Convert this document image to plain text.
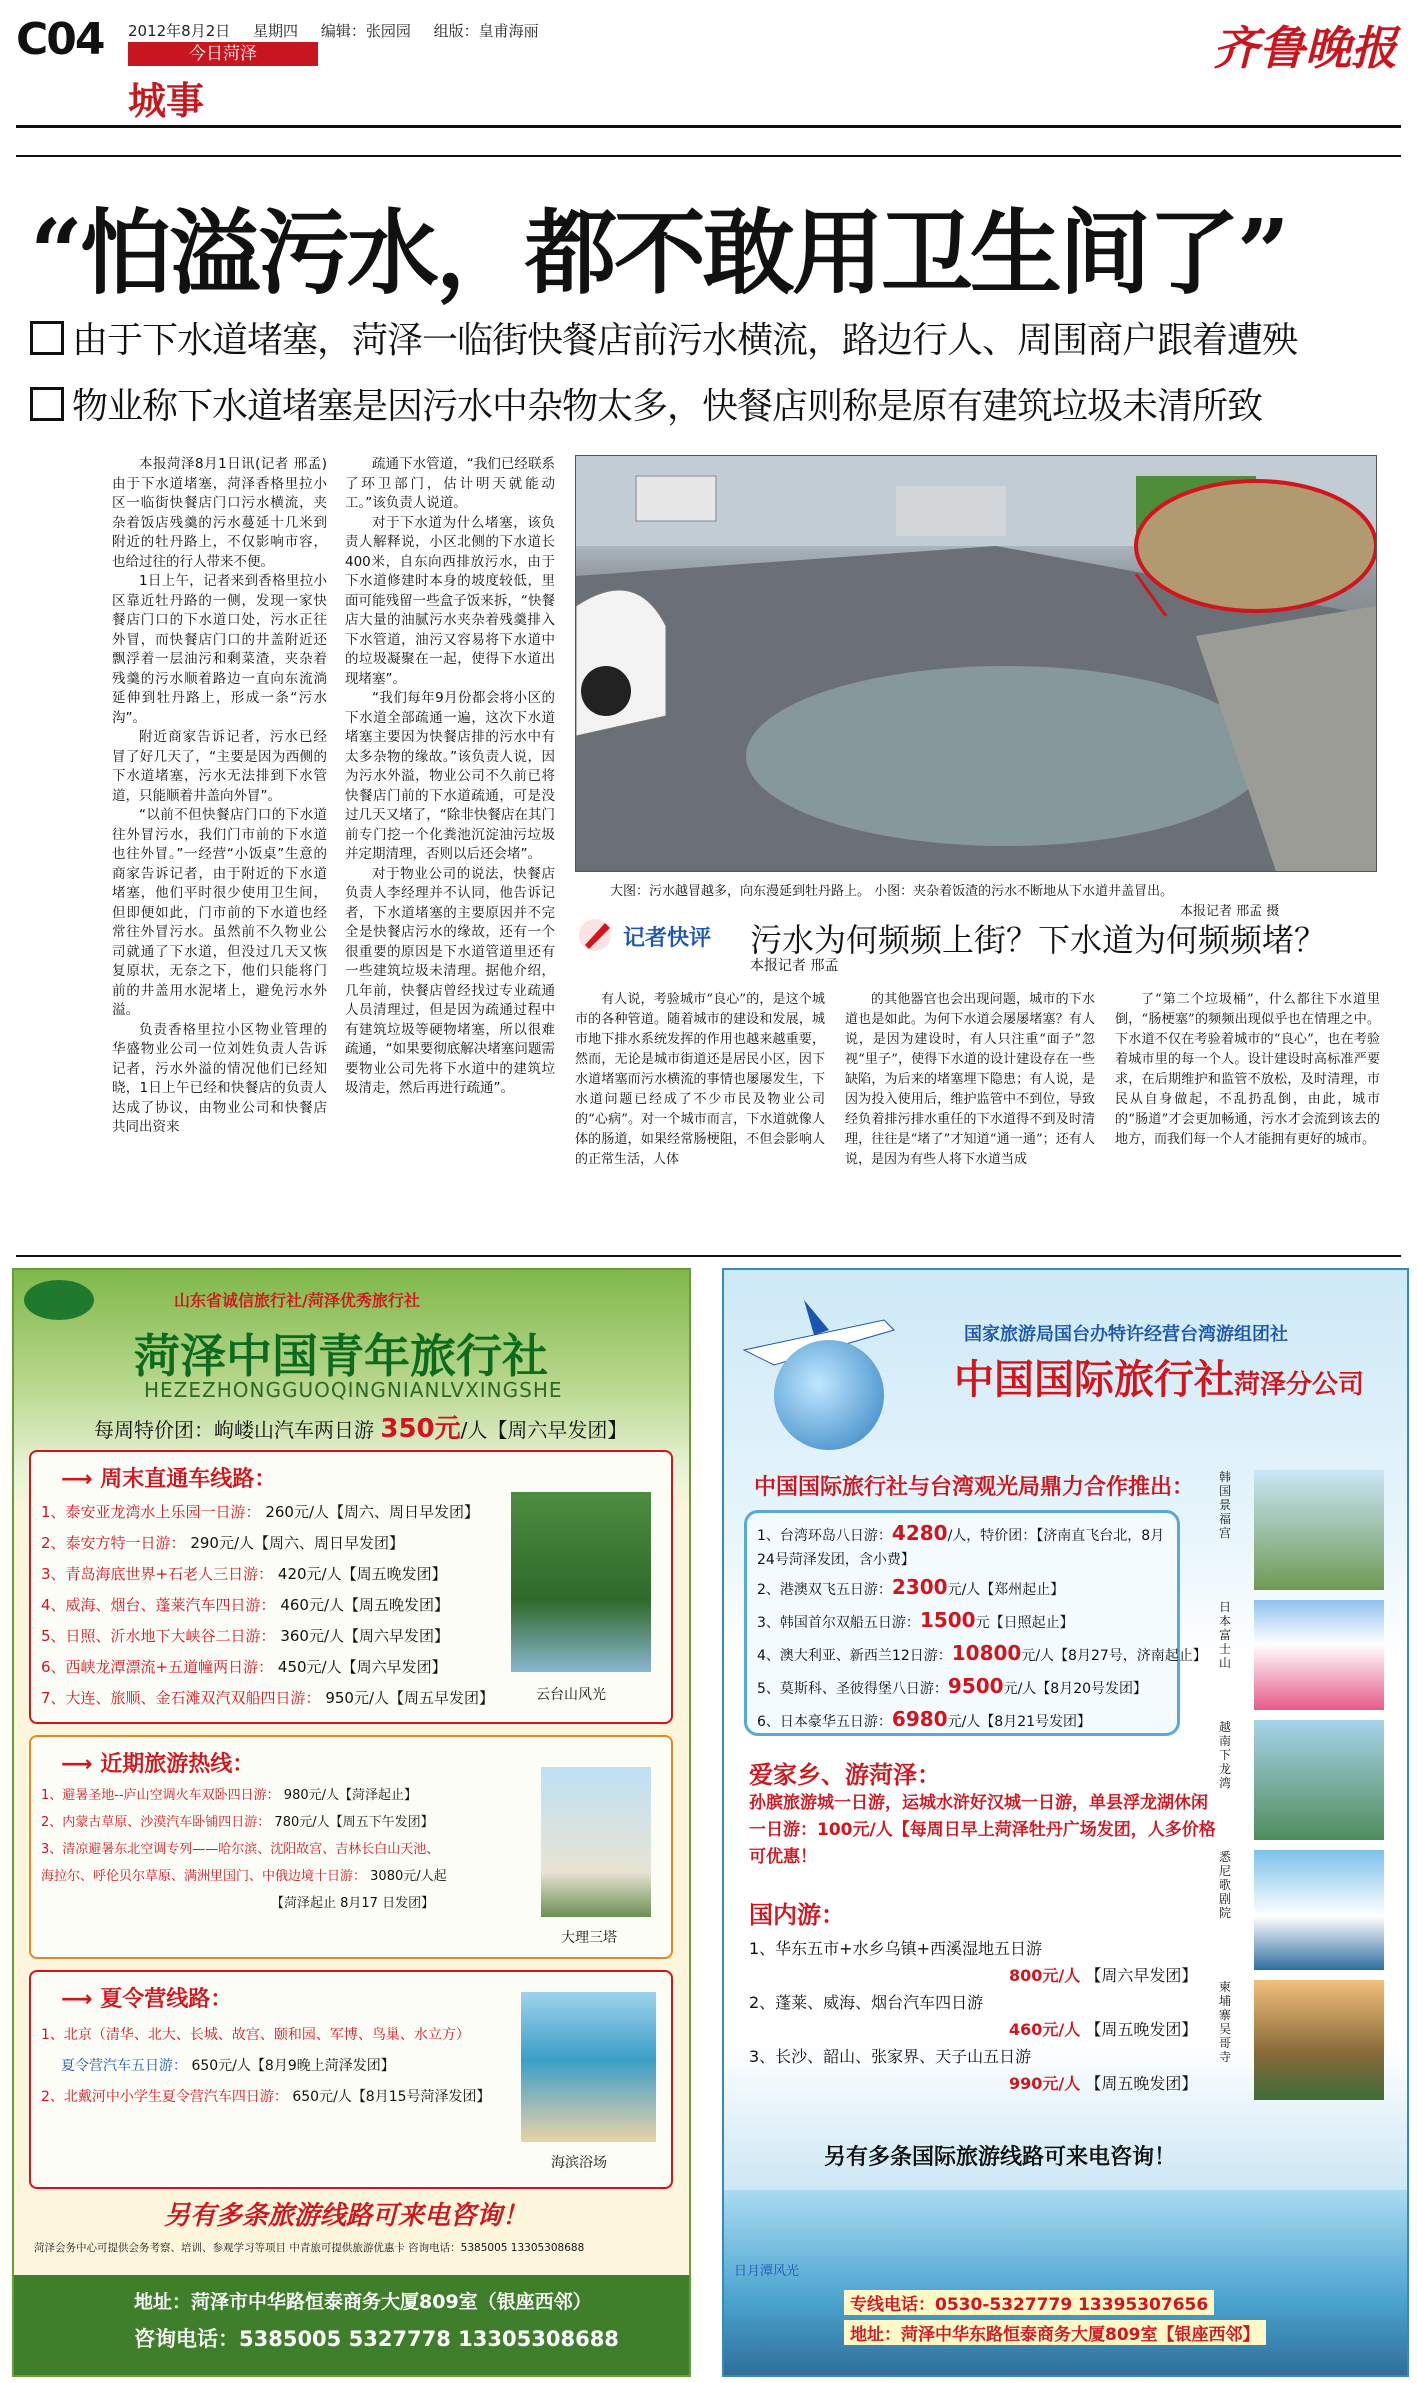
C04 2012年8月2日 星期四 编辑：张园园 组版：皇甫海丽
今日菏泽
城事
齐鲁晚报
“怕溢污水，都不敢用卫生间了”
由于下水道堵塞，菏泽一临街快餐店前污水横流，路边行人、周围商户跟着遭殃
物业称下水道堵塞是因污水中杂物太多，快餐店则称是原有建筑垃圾未清所致

本报菏泽8月1日讯(记者 邢孟) 由于下水道堵塞，菏泽香格里拉小区一临街快餐店门口污水横流，夹杂着饭店残羹的污水蔓延十几米到附近的牡丹路上，不仅影响市容，也给过往的行人带来不便。

1日上午，记者来到香格里拉小区靠近牡丹路的一侧，发现一家快餐店门口的下水道口处，污水正往外冒，而快餐店门口的井盖附近还飘浮着一层油污和剩菜渣，夹杂着残羹的污水顺着路边一直向东流淌延伸到牡丹路上，形成一条“污水沟”。

附近商家告诉记者，污水已经冒了好几天了，“主要是因为西侧的下水道堵塞，污水无法排到下水管道，只能顺着井盖向外冒”。

“以前不但快餐店门口的下水道往外冒污水，我们门市前的下水道也往外冒。”一经营“小饭桌”生意的商家告诉记者，由于附近的下水道堵塞，他们平时很少使用卫生间，但即便如此，门市前的下水道也经常往外冒污水。虽然前不久物业公司就通了下水道，但没过几天又恢复原状，无奈之下，他们只能将门前的井盖用水泥堵上，避免污水外溢。

负责香格里拉小区物业管理的华盛物业公司一位刘姓负责人告诉记者，污水外溢的情况他们已经知晓，1日上午已经和快餐店的负责人达成了协议，由物业公司和快餐店共同出资来

疏通下水管道，“我们已经联系了环卫部门，估计明天就能动工。”该负责人说道。

对于下水道为什么堵塞，该负责人解释说，小区北侧的下水道长400米，自东向西排放污水，由于下水道修建时本身的坡度较低，里面可能残留一些盒子饭来拆，“快餐店大量的油腻污水夹杂着残羹排入下水管道，油污又容易将下水道中的垃圾凝聚在一起，使得下水道出现堵塞”。

“我们每年9月份都会将小区的下水道全部疏通一遍，这次下水道堵塞主要因为快餐店排的污水中有太多杂物的缘故。”该负责人说，因为污水外溢，物业公司不久前已将快餐店门前的下水道疏通，可是没过几天又堵了，“除非快餐店在其门前专门挖一个化粪池沉淀油污垃圾并定期清理，否则以后还会堵”。

对于物业公司的说法，快餐店负责人李经理并不认同，他告诉记者，下水道堵塞的主要原因并不完全是快餐店污水的缘故，还有一个很重要的原因是下水道管道里还有一些建筑垃圾未清理。据他介绍，几年前，快餐店曾经找过专业疏通人员清理过，但是因为疏通过程中有建筑垃圾等硬物堵塞，所以很难疏通，“如果要彻底解决堵塞问题需要物业公司先将下水道中的建筑垃圾清走，然后再进行疏通”。

大图：污水越冒越多，向东漫延到牡丹路上。 小图：夹杂着饭渣的污水不断地从下水道井盖冒出。
本报记者 邢孟 摄
记者快评 污水为何频频上街？下水道为何频频堵？
本报记者 邢孟
有人说，考验城市“良心”的，是这个城市的各种管道。随着城市的建设和发展，城市地下排水系统发挥的作用也越来越重要，然而，无论是城市街道还是居民小区，因下水道堵塞而污水横流的事情也屡屡发生，下水道问题已经成了不少市民及物业公司的“心病”。对一个城市而言，下水道就像人体的肠道，如果经常肠梗阻，不但会影响人的正常生活，人体
的其他器官也会出现问题，城市的下水道也是如此。为何下水道会屡屡堵塞？有人说，是因为建设时，有人只注重“面子”忽视“里子”，使得下水道的设计建设存在一些缺陷，为后来的堵塞埋下隐患；有人说，是因为投入使用后，维护监管中不到位，导致经负着排污排水重任的下水道得不到及时清理，往往是“堵了”才知道“通一通”；还有人说，是因为有些人将下水道当成
了“第二个垃圾桶”，什么都往下水道里倒，“肠梗塞”的频频出现似乎也在情理之中。下水道不仅在考验着城市的“良心”，也在考验着城市里的每一个人。设计建设时高标准严要求，在后期维护和监管不放松，及时清理，市民从自身做起，不乱扔乱倒，由此，城市的“肠道”才会更加畅通，污水才会流到该去的地方，而我们每一个人才能拥有更好的城市。
山东省诚信旅行社/菏泽优秀旅行社
菏泽中国青年旅行社
HEZEZHONGGUOQINGNIANLVXINGSHE
每周特价团：岣嵝山汽车两日游 350元/人【周六早发团】
⟶ 周末直通车线路：
1、泰安亚龙湾水上乐园一日游： 260元/人【周六、周日早发团】
2、泰安方特一日游： 290元/人【周六、周日早发团】
3、青岛海底世界+石老人三日游： 420元/人【周五晚发团】
4、威海、烟台、蓬莱汽车四日游： 460元/人【周五晚发团】
5、日照、沂水地下大峡谷二日游： 360元/人【周六早发团】
6、西峡龙潭漂流+五道幢两日游： 450元/人【周六早发团】
7、大连、旅顺、金石滩双汽双船四日游： 950元/人【周五早发团】	云台山风光
⟶ 近期旅游热线：
1、避暑圣地--庐山空调火车双卧四日游： 980元/人【菏泽起止】
2、内蒙古草原、沙漠汽车卧铺四日游： 780元/人【周五下午发团】
3、清凉避暑东北空调专列——哈尔滨、沈阳故宫、吉林长白山天池、
海拉尔、呼伦贝尔草原、满洲里国门、中俄边境十日游： 3080元/人起
【菏泽起止 8月17 日发团】
大理三塔
⟶ 夏令营线路：
1、北京（清华、北大、长城、故宫、颐和园、军博、鸟巢、水立方）
夏令营汽车五日游： 650元/人【8月9晚上菏泽发团】
2、北戴河中小学生夏令营汽车四日游： 650元/人【8月15号菏泽发团】
海滨浴场
另有多条旅游线路可来电咨询！
菏泽会务中心可提供会务考察、培训、参观学习等项目 中青旅可提供旅游优惠卡 咨询电话：5385005 13305308688
地址：菏泽市中华路恒泰商务大厦809室（银座西邻）
咨询电话：5385005 5327778 13305308688
国家旅游局国台办特许经营台湾游组团社
中国国际旅行社菏泽分公司
中国国际旅行社与台湾观光局鼎力合作推出：
1、台湾环岛八日游：4280/人，特价团：【济南直飞台北，8月24号菏泽发团，含小费】
2、港澳双飞五日游：2300元/人【郑州起止】
3、韩国首尔双船五日游：1500元【日照起止】
4、澳大利亚、新西兰12日游：10800元/人【8月27号，济南起止】
5、莫斯科、圣彼得堡八日游：9500元/人【8月20号发团】
6、日本豪华五日游：6980元/人【8月21号发团】
韩国景福宫
日本富士山
越南下龙湾
悉尼歌剧院
柬埔寨吴哥寺
爱家乡、游菏泽：
孙膑旅游城一日游，运城水浒好汉城一日游，单县浮龙湖休闲一日游：100元/人【每周日早上菏泽牡丹广场发团，人多价格可优惠！
国内游：
1、华东五市+水乡乌镇+西溪湿地五日游
800元/人 【周六早发团】
2、蓬莱、威海、烟台汽车四日游
460元/人 【周五晚发团】
3、长沙、韶山、张家界、天子山五日游
990元/人 【周五晚发团】
另有多条国际旅游线路可来电咨询！
日月潭风光
专线电话：0530-5327779 13395307656
地址：菏泽中华东路恒泰商务大厦809室【银座西邻】
